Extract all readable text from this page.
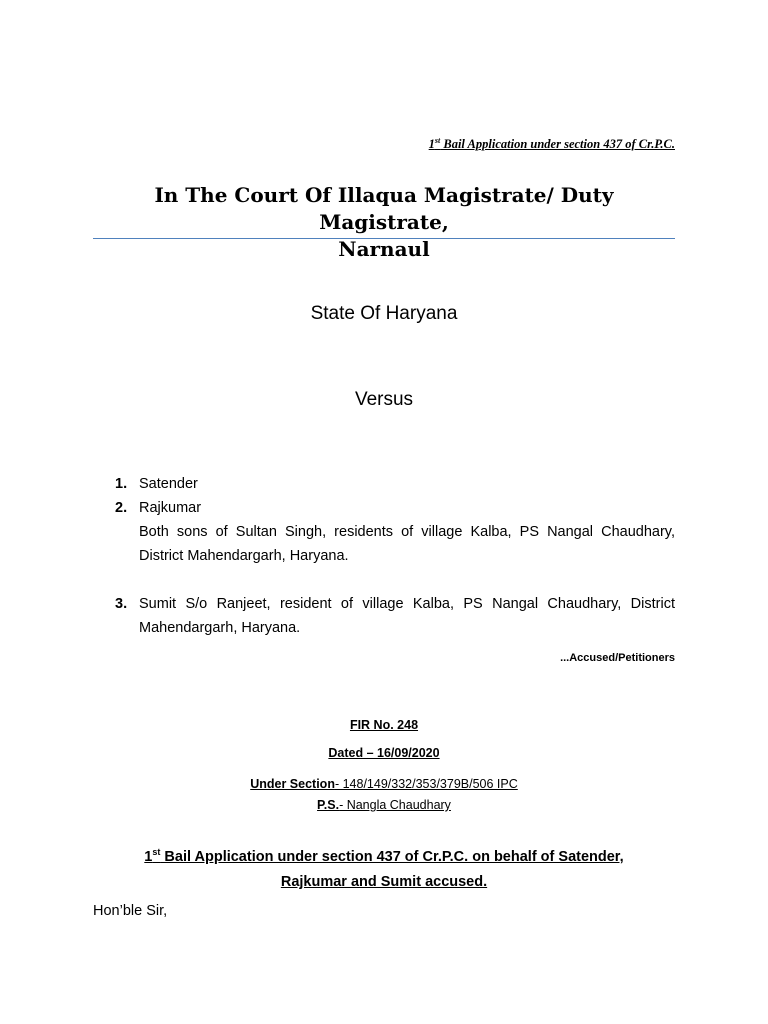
1st Bail Application under section 437 of Cr.P.C.
In The Court Of Illaqua Magistrate/ Duty Magistrate,
Narnaul
State Of Haryana
Versus
1. Satender
2. Rajkumar
Both sons of Sultan Singh, residents of village Kalba, PS Nangal Chaudhary, District Mahendargarh, Haryana.
3. Sumit S/o Ranjeet, resident of village Kalba, PS Nangal Chaudhary, District Mahendargarh, Haryana.
...Accused/Petitioners
FIR No. 248
Dated – 16/09/2020
Under Section- 148/149/332/353/379B/506 IPC
P.S.- Nangla Chaudhary
1st Bail Application under section 437 of Cr.P.C. on behalf of Satender,
Rajkumar and Sumit accused.
Hon’ble Sir,
